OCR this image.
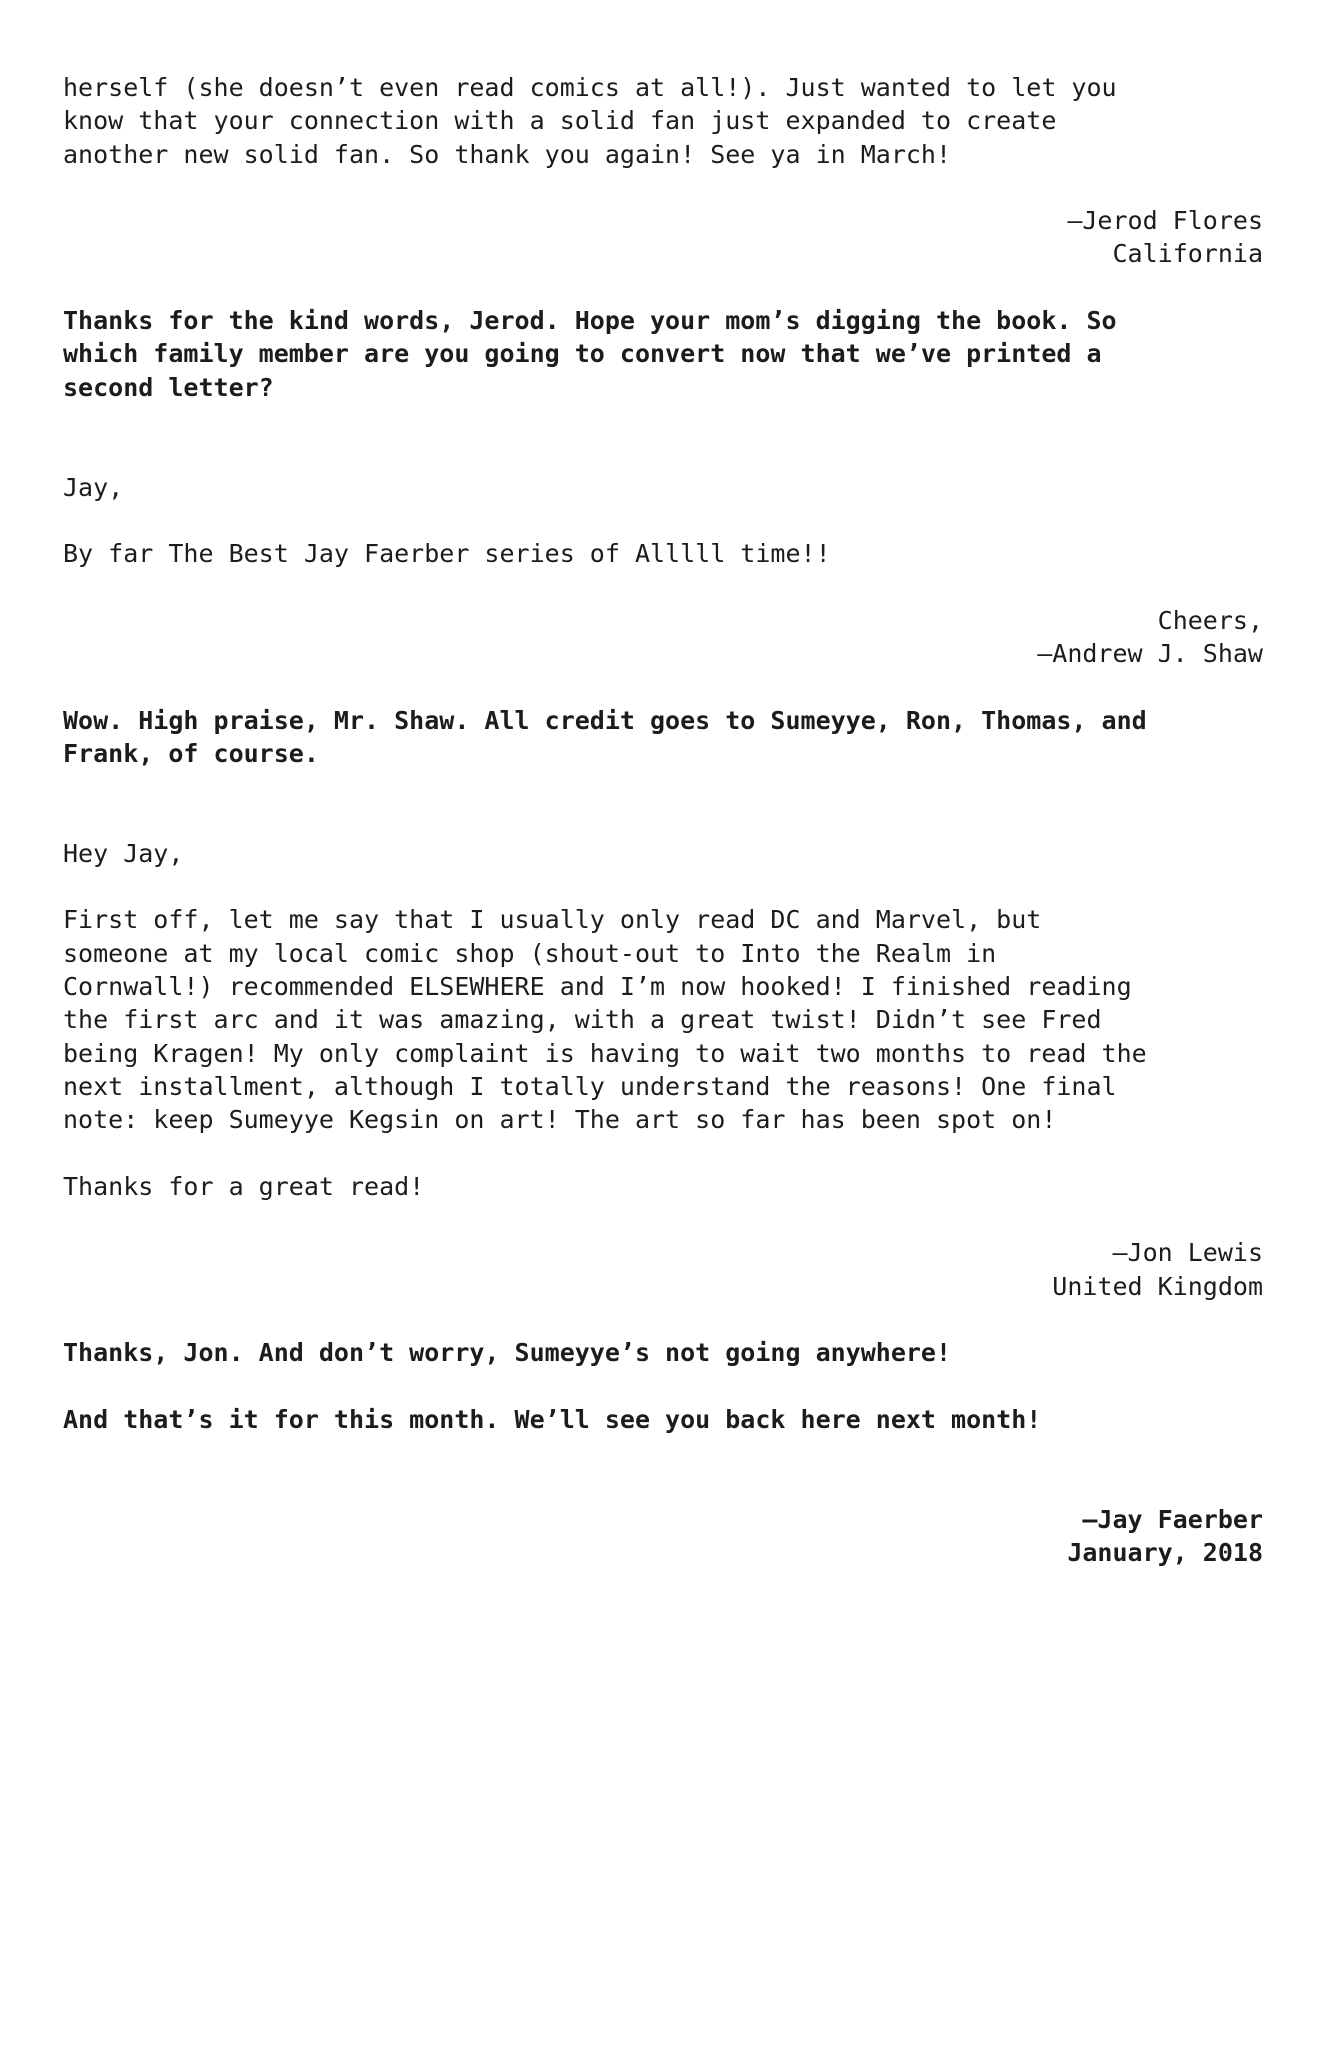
herself (she doesn’t even read comics at all!). Just wanted to let you
know that your connection with a solid fan just expanded to create
another new solid fan. So thank you again! See ya in March!
—Jerod Flores
California
Thanks for the kind words, Jerod. Hope your mom’s digging the book. So
which family member are you going to convert now that we’ve printed a
second letter?
Jay,
By far The Best Jay Faerber series of Alllll time!!
Cheers,
—Andrew J. Shaw
Wow. High praise, Mr. Shaw. All credit goes to Sumeyye, Ron, Thomas, and
Frank, of course.
Hey Jay,
First off, let me say that I usually only read DC and Marvel, but
someone at my local comic shop (shout-out to Into the Realm in
Cornwall!) recommended ELSEWHERE and I’m now hooked! I finished reading
the first arc and it was amazing, with a great twist! Didn’t see Fred
being Kragen! My only complaint is having to wait two months to read the
next installment, although I totally understand the reasons! One final
note: keep Sumeyye Kegsin on art! The art so far has been spot on!
Thanks for a great read!
—Jon Lewis
United Kingdom
Thanks, Jon. And don’t worry, Sumeyye’s not going anywhere!
And that’s it for this month. We’ll see you back here next month!
—Jay Faerber
January, 2018
